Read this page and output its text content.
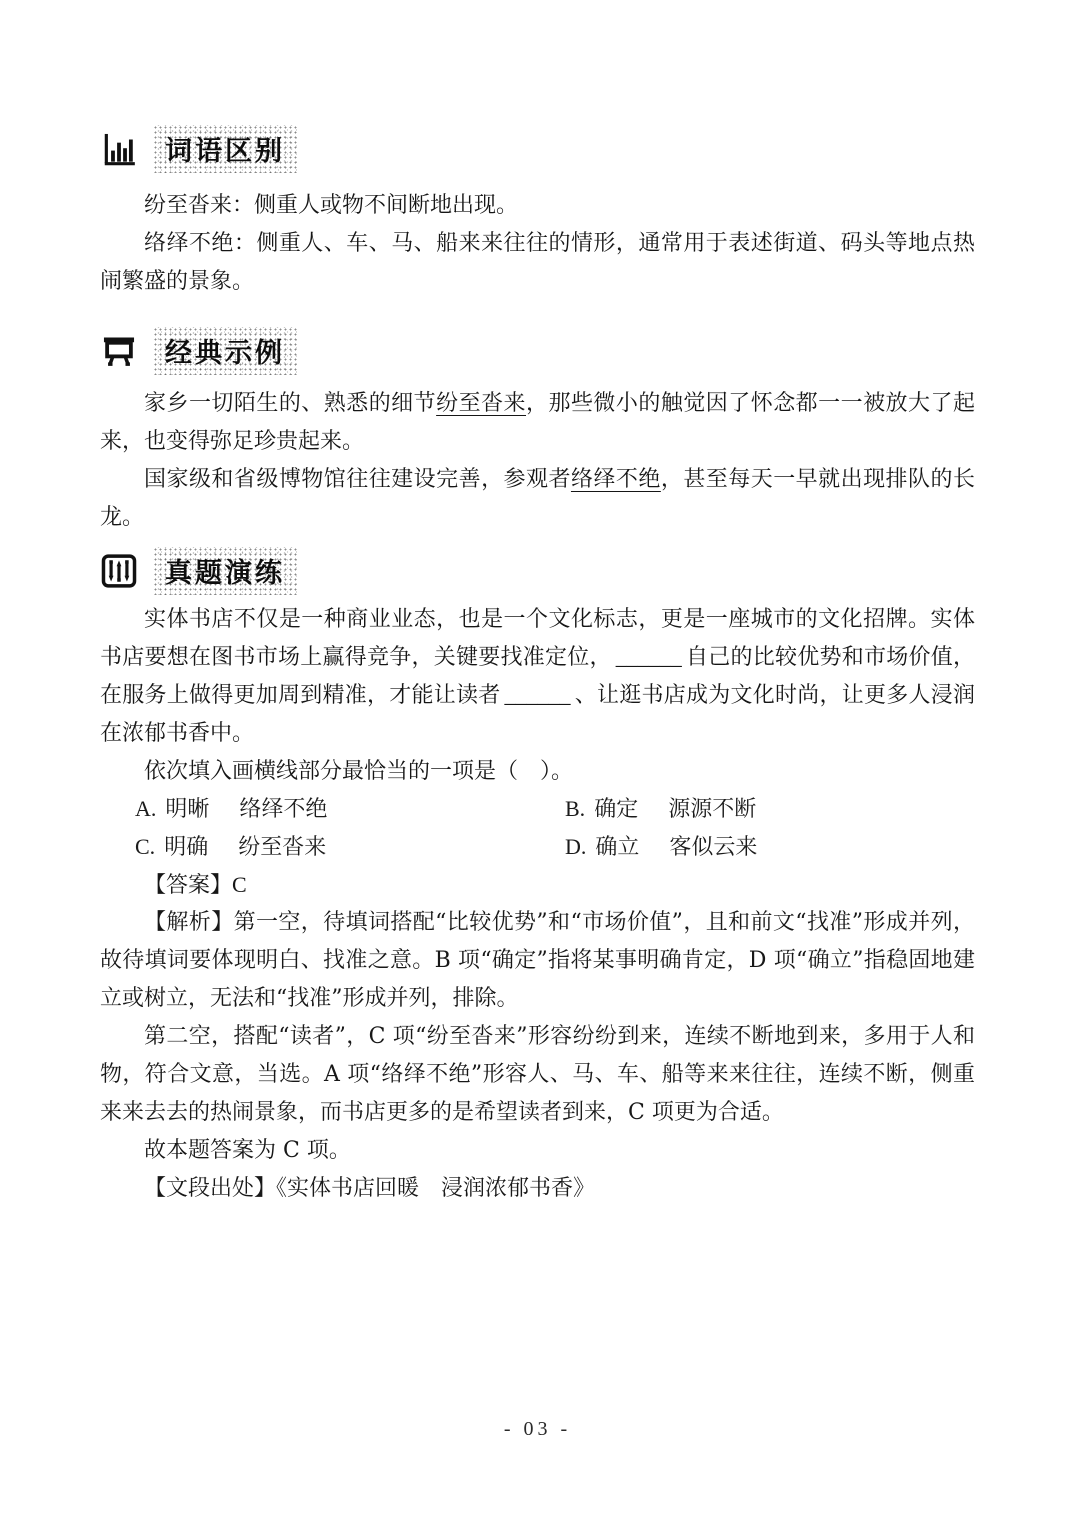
词语区别

纷至沓来：侧重人或物不间断地出现。

络绎不绝：侧重人、车、马、船来来往往的情形，通常用于表述街道、码头等地点热闹繁盛的景象。

经典示例

家乡一切陌生的、熟悉的细节纷至沓来，那些微小的触觉因了怀念都一一被放大了起来，也变得弥足珍贵起来。

国家级和省级博物馆往往建设完善，参观者络绎不绝，甚至每天一早就出现排队的长龙。

真题演练

实体书店不仅是一种商业业态，也是一个文化标志，更是一座城市的文化招牌。实体书店要想在图书市场上赢得竞争，关键要找准定位， ______ 自己的比较优势和市场价值，在服务上做得更加周到精准，才能让读者 ______ 、让逛书店成为文化时尚，让更多人浸润在浓郁书香中。

依次填入画横线部分最恰当的一项是（　）。

A. 明晰 络绎不绝	B. 确定 源源不断
C. 明确 纷至沓来	D. 确立 客似云来

【答案】C

【解析】第一空，待填词搭配“比较优势”和“市场价值”，且和前文“找准”形成并列，故待填词要体现明白、找准之意。B 项“确定”指将某事明确肯定，D 项“确立”指稳固地建立或树立，无法和“找准”形成并列，排除。

第二空，搭配“读者”，C 项“纷至沓来”形容纷纷到来，连续不断地到来，多用于人和物，符合文意，当选。A 项“络绎不绝”形容人、马、车、船等来来往往，连续不断，侧重来来去去的热闹景象，而书店更多的是希望读者到来，C 项更为合适。

故本题答案为 C 项。

【文段出处】《实体书店回暖　浸润浓郁书香》

- 03 -
